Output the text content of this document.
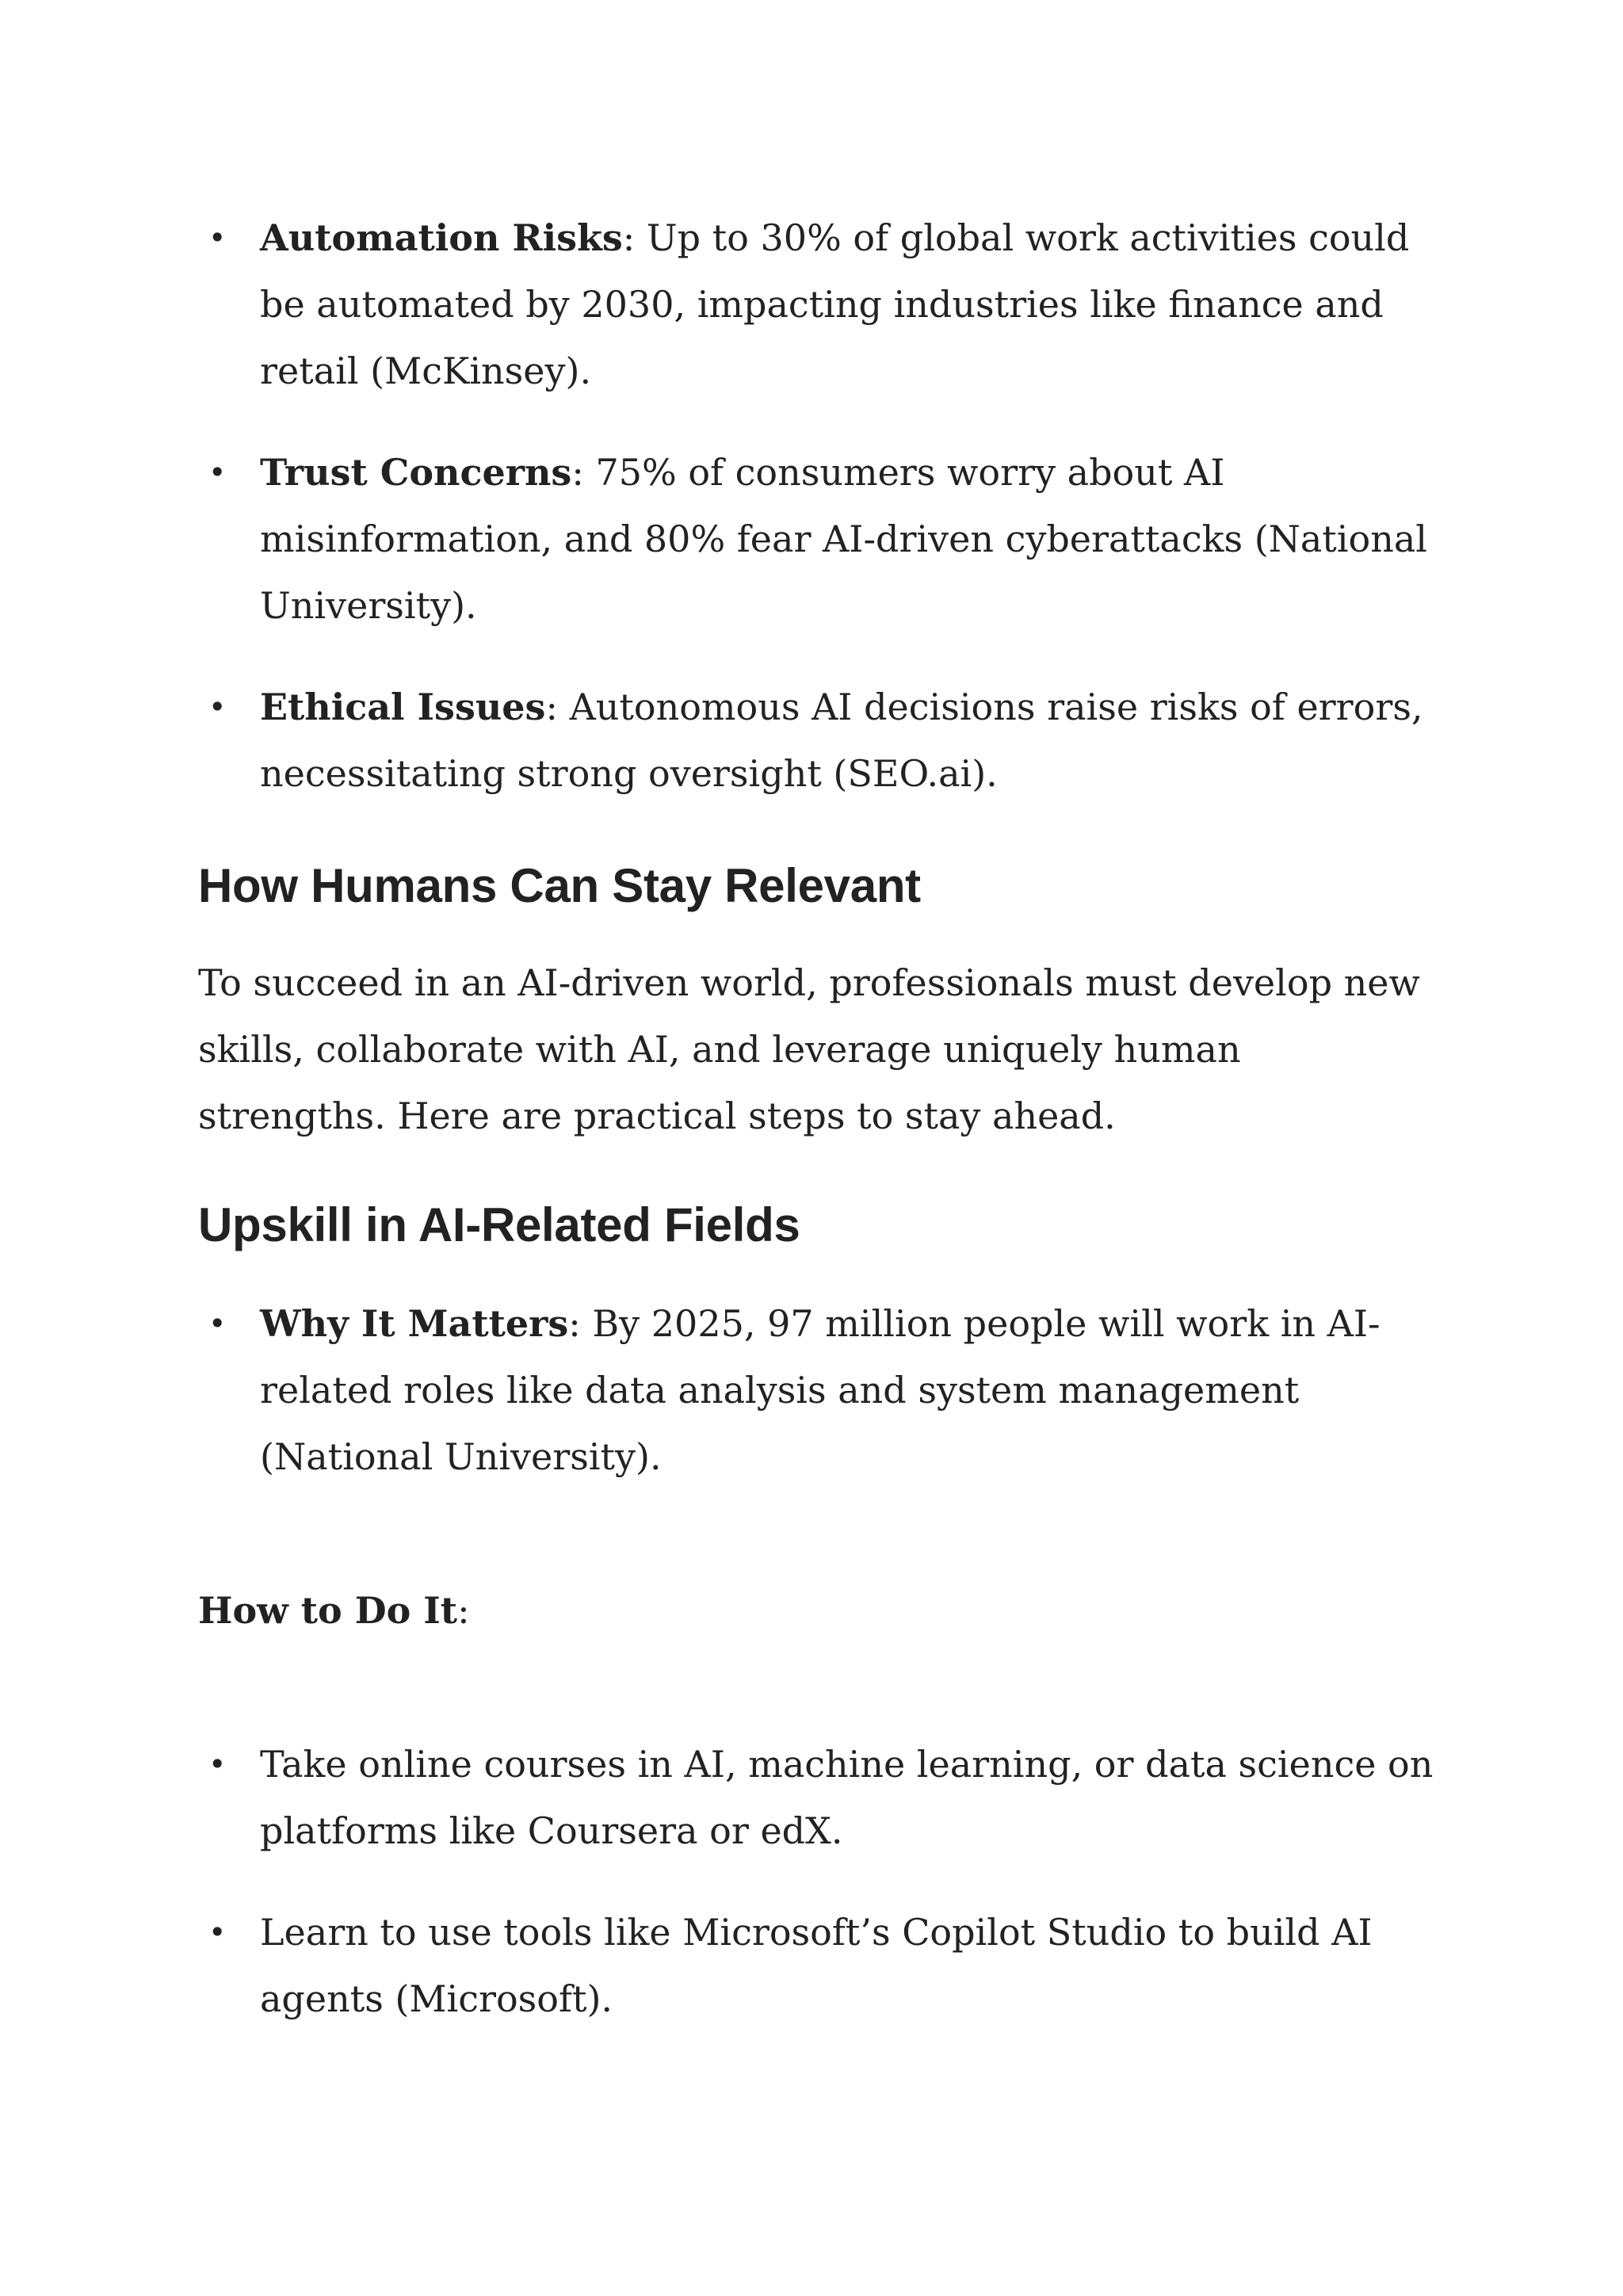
• Automation Risks: Up to 30% of global work activities could be automated by 2030, impacting industries like finance and retail (McKinsey).
• Trust Concerns: 75% of consumers worry about AI misinformation, and 80% fear AI-driven cyberattacks (National University).
• Ethical Issues: Autonomous AI decisions raise risks of errors, necessitating strong oversight (SEO.ai).
How Humans Can Stay Relevant

To succeed in an AI-driven world, professionals must develop new skills, collaborate with AI, and leverage uniquely human strengths. Here are practical steps to stay ahead.

Upskill in AI-Related Fields
• Why It Matters: By 2025, 97 million people will work in AI-related roles like data analysis and system management (National University).

How to Do It:

• Take online courses in AI, machine learning, or data science on platforms like Coursera or edX.
• Learn to use tools like Microsoft’s Copilot Studio to build AI agents (Microsoft).
